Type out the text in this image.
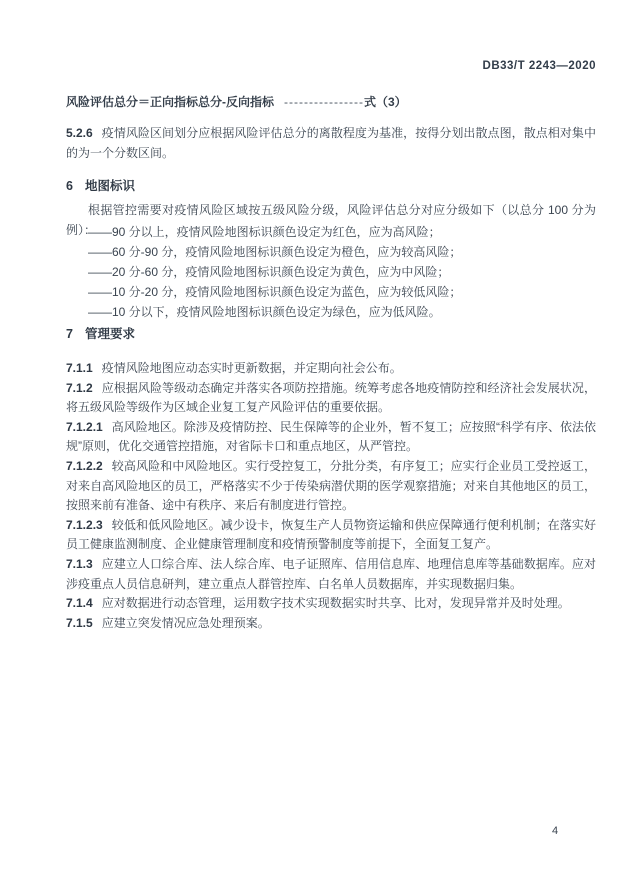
DB33/T 2243—2020
风险评估总分＝正向指标总分-反向指标 ----------------式（3）

5.2.6 疫情风险区间划分应根据风险评估总分的离散程度为基准，按得分划出散点图，散点相对集中的为一个分数区间。

6 地图标识

根据管控需要对疫情风险区域按五级风险分级，风险评估总分对应分级如下（以总分 100 分为例）：

——90 分以上，疫情风险地图标识颜色设定为红色，应为高风险；

——60 分-90 分，疫情风险地图标识颜色设定为橙色，应为较高风险；

——20 分-60 分，疫情风险地图标识颜色设定为黄色，应为中风险；

——10 分-20 分，疫情风险地图标识颜色设定为蓝色，应为较低风险；

——10 分以下，疫情风险地图标识颜色设定为绿色，应为低风险。

7 管理要求

7.1.1 疫情风险地图应动态实时更新数据，并定期向社会公布。

7.1.2 应根据风险等级动态确定并落实各项防控措施。统筹考虑各地疫情防控和经济社会发展状况，将五级风险等级作为区域企业复工复产风险评估的重要依据。

7.1.2.1 高风险地区。除涉及疫情防控、民生保障等的企业外，暂不复工；应按照“科学有序、依法依规”原则，优化交通管控措施，对省际卡口和重点地区，从严管控。

7.1.2.2 较高风险和中风险地区。实行受控复工，分批分类，有序复工；应实行企业员工受控返工，对来自高风险地区的员工，严格落实不少于传染病潜伏期的医学观察措施；对来自其他地区的员工，按照来前有准备、途中有秩序、来后有制度进行管控。

7.1.2.3 较低和低风险地区。减少设卡，恢复生产人员物资运输和供应保障通行便利机制；在落实好员工健康监测制度、企业健康管理制度和疫情预警制度等前提下，全面复工复产。

7.1.3 应建立人口综合库、法人综合库、电子证照库、信用信息库、地理信息库等基础数据库。应对涉疫重点人员信息研判，建立重点人群管控库、白名单人员数据库，并实现数据归集。

7.1.4 应对数据进行动态管理，运用数字技术实现数据实时共享、比对，发现异常并及时处理。

7.1.5 应建立突发情况应急处理预案。

4
